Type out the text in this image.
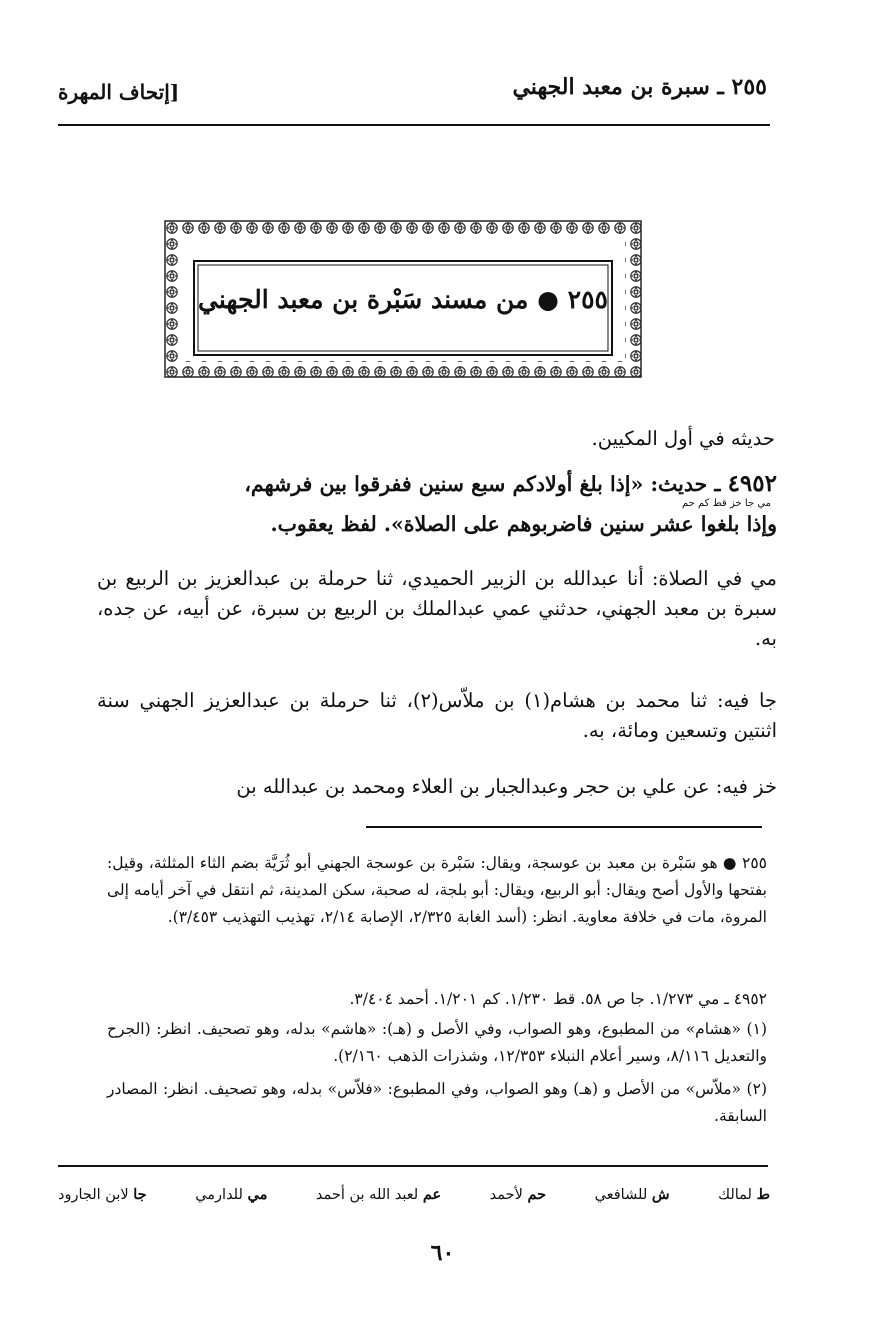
٢٥٥ ـ سبرة بن معبد الجهني
[إتحاف المهرة
٢٥٥ ● من مسند سَبْرة بن معبد الجهني
حديثه في أول المكيين.
٤٩٥٢ ـ حديث: «إذا بلغ أولادكم سبع سنين ففرقوا بين فرشهم،
مي جا خز قط كم حم
وإذا بلغوا عشر سنين فاضربوهم على الصلاة». لفظ يعقوب.
مي في الصلاة: أنا عبدالله بن الزبير الحميدي، ثنا حرملة بن عبدالعزيز بن الربيع بن سبرة بن معبد الجهني، حدثني عمي عبدالملك بن الربيع بن سبرة، عن أبيه، عن جده، به.
جا فيه: ثنا محمد بن هشام(١) بن ملاّس(٢)، ثنا حرملة بن عبدالعزيز الجهني سنة اثنتين وتسعين ومائة، به.
خز فيه: عن علي بن حجر وعبدالجبار بن العلاء ومحمد بن عبدالله بن
٢٥٥ ● هو سَبْرة بن معبد بن عوسجة، ويقال: سَبْرة بن عوسجة الجهني أبو ثُرَيَّة بضم الثاء المثلثة، وقيل: بفتحها والأول أصح ويقال: أبو الربيع، ويقال: أبو بلجة، له صحبة، سكن المدينة، ثم انتقل في آخر أيامه إلى المروة، مات في خلافة معاوية. انظر: (أسد الغابة ٢/٣٢٥، الإصابة ٢/١٤، تهذيب التهذيب ٣/٤٥٣).
٤٩٥٢ ـ مي ١/٢٧٣. جا ص ٥٨. قط ١/٢٣٠. كم ١/٢٠١. أحمد ٣/٤٠٤.
(١) «هشام» من المطبوع، وهو الصواب، وفي الأصل و (هـ): «هاشم» بدله، وهو تصحيف. انظر: (الجرح والتعديل ٨/١١٦، وسير أعلام النبلاء ١٢/٣٥٣، وشذرات الذهب ٢/١٦٠).
(٢) «ملاّس» من الأصل و (هـ) وهو الصواب، وفي المطبوع: «فلاّس» بدله، وهو تصحيف. انظر: المصادر السابقة.
ط لمالك
ش للشافعي
حم لأحمد
عم لعبد الله بن أحمد
مي للدارمي
جا لابن الجارود
٦٠
